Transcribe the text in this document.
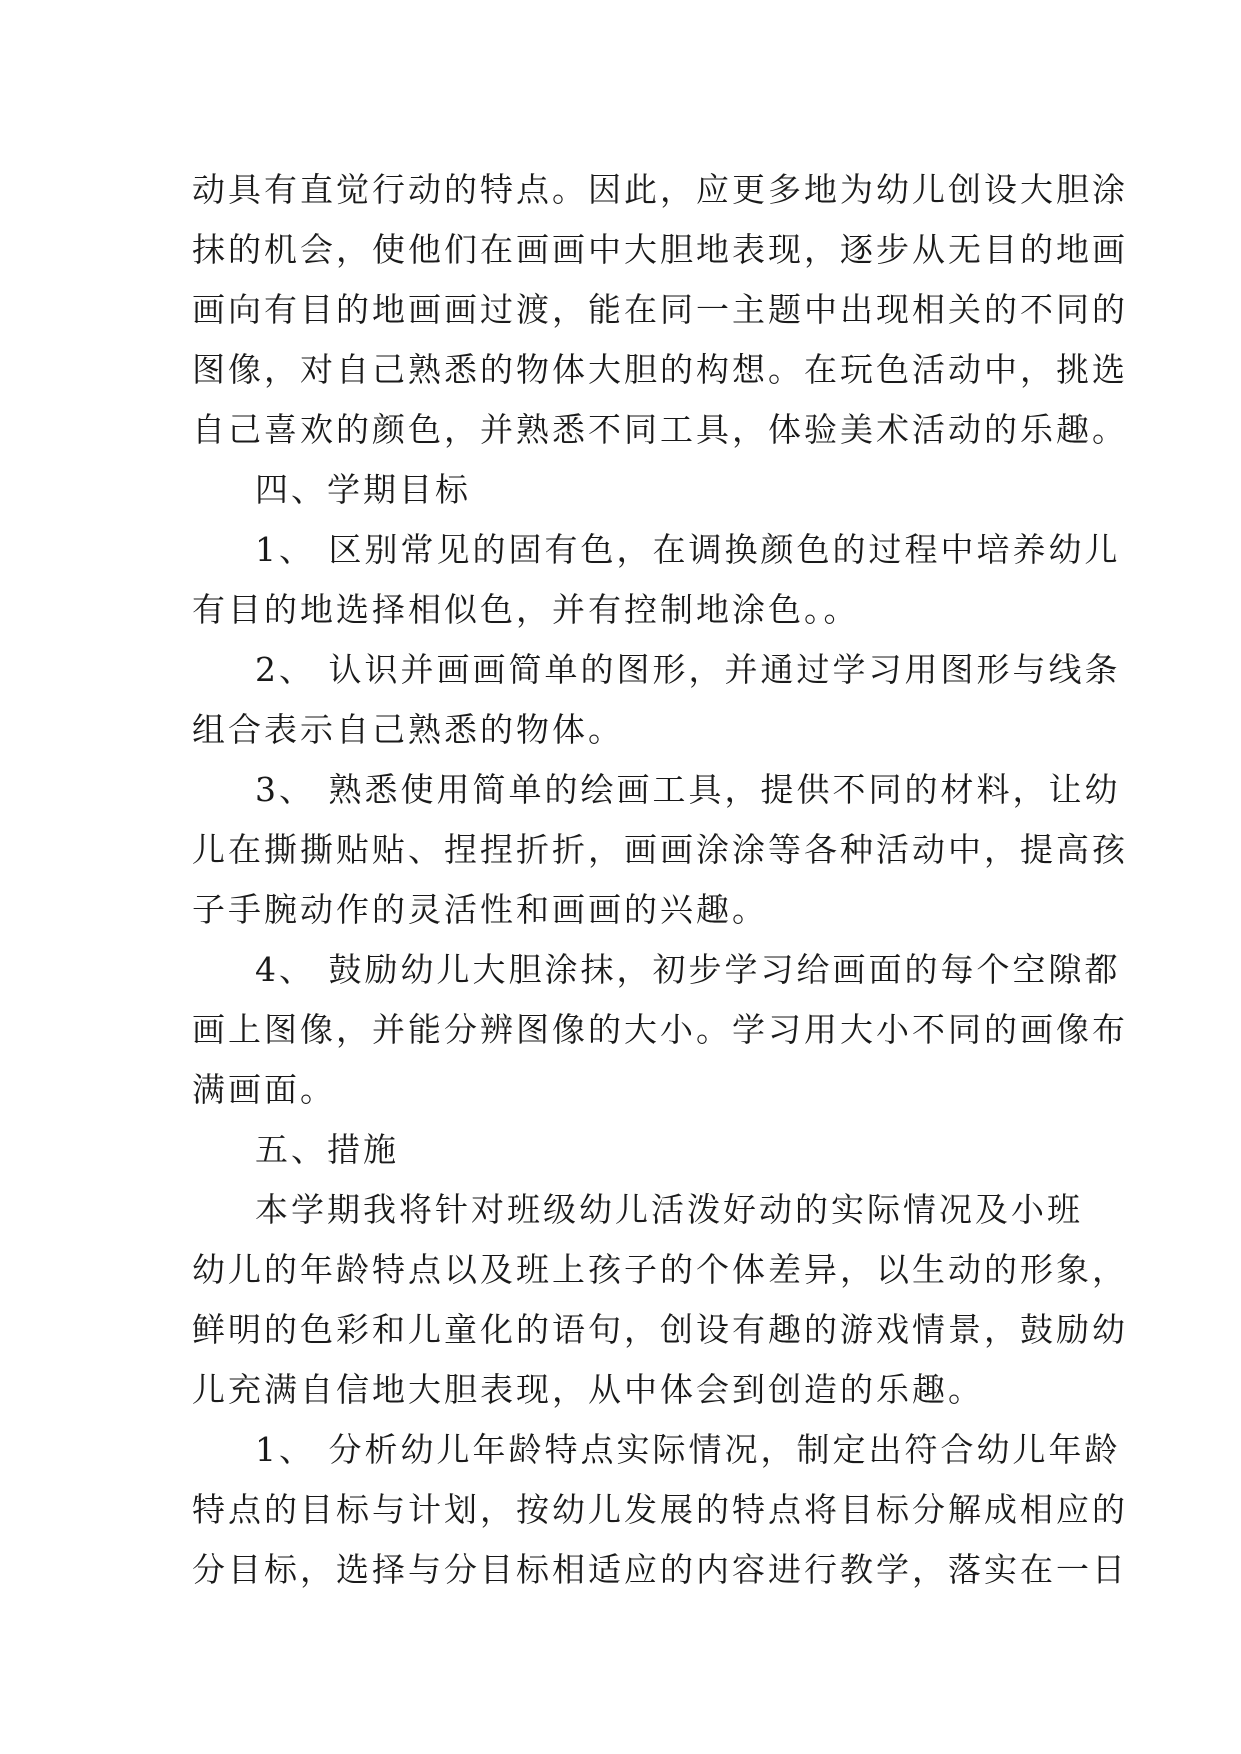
动具有直觉行动的特点。因此，应更多地为幼儿创设大胆涂

抹的机会，使他们在画画中大胆地表现，逐步从无目的地画

画向有目的地画画过渡，能在同一主题中出现相关的不同的

图像，对自己熟悉的物体大胆的构想。在玩色活动中，挑选

自己喜欢的颜色，并熟悉不同工具，体验美术活动的乐趣。

四、学期目标

1、 区别常见的固有色，在调换颜色的过程中培养幼儿

有目的地选择相似色，并有控制地涂色。。

2、 认识并画画简单的图形，并通过学习用图形与线条

组合表示自己熟悉的物体。

3、 熟悉使用简单的绘画工具，提供不同的材料，让幼

儿在撕撕贴贴、捏捏折折，画画涂涂等各种活动中，提高孩

子手腕动作的灵活性和画画的兴趣。

4、 鼓励幼儿大胆涂抹，初步学习给画面的每个空隙都

画上图像，并能分辨图像的大小。学习用大小不同的画像布

满画面。

五、措施

本学期我将针对班级幼儿活泼好动的实际情况及小班

幼儿的年龄特点以及班上孩子的个体差异，以生动的形象，

鲜明的色彩和儿童化的语句，创设有趣的游戏情景，鼓励幼

儿充满自信地大胆表现，从中体会到创造的乐趣。

1、 分析幼儿年龄特点实际情况，制定出符合幼儿年龄

特点的目标与计划，按幼儿发展的特点将目标分解成相应的

分目标，选择与分目标相适应的内容进行教学，落实在一日
